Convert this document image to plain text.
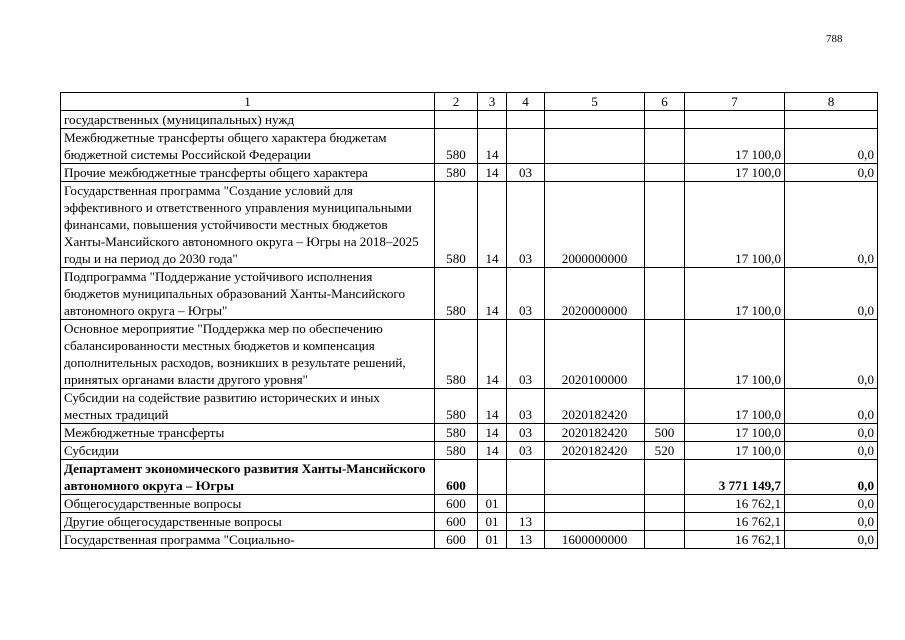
788
1	2	3	4	5	6	7	8
государственных (муниципальных) нужд							
Межбюджетные трансферты общего характера бюджетам бюджетной системы Российской Федерации	580	14				17 100,0	0,0
Прочие межбюджетные трансферты общего характера	580	14	03			17 100,0	0,0
Государственная программа "Создание условий для эффективного и ответственного управления муниципальными финансами, повышения устойчивости местных бюджетов Ханты-Мансийского автономного округа – Югры на 2018–2025 годы и на период до 2030 года"	580	14	03	2000000000		17 100,0	0,0
Подпрограмма "Поддержание устойчивого исполнения бюджетов муниципальных образований Ханты-Мансийского автономного округа – Югры"	580	14	03	2020000000		17 100,0	0,0
Основное мероприятие "Поддержка мер по обеспечению сбалансированности местных бюджетов и компенсация дополнительных расходов, возникших в результате решений, принятых органами власти другого уровня"	580	14	03	2020100000		17 100,0	0,0
Субсидии на содействие развитию исторических и иных местных традиций	580	14	03	2020182420		17 100,0	0,0
Межбюджетные трансферты	580	14	03	2020182420	500	17 100,0	0,0
Субсидии	580	14	03	2020182420	520	17 100,0	0,0
Департамент экономического развития Ханты-Мансийского автономного округа – Югры	600					3 771 149,7	0,0
Общегосударственные вопросы	600	01				16 762,1	0,0
Другие общегосударственные вопросы	600	01	13			16 762,1	0,0
Государственная программа "Социально-	600	01	13	1600000000		16 762,1	0,0
